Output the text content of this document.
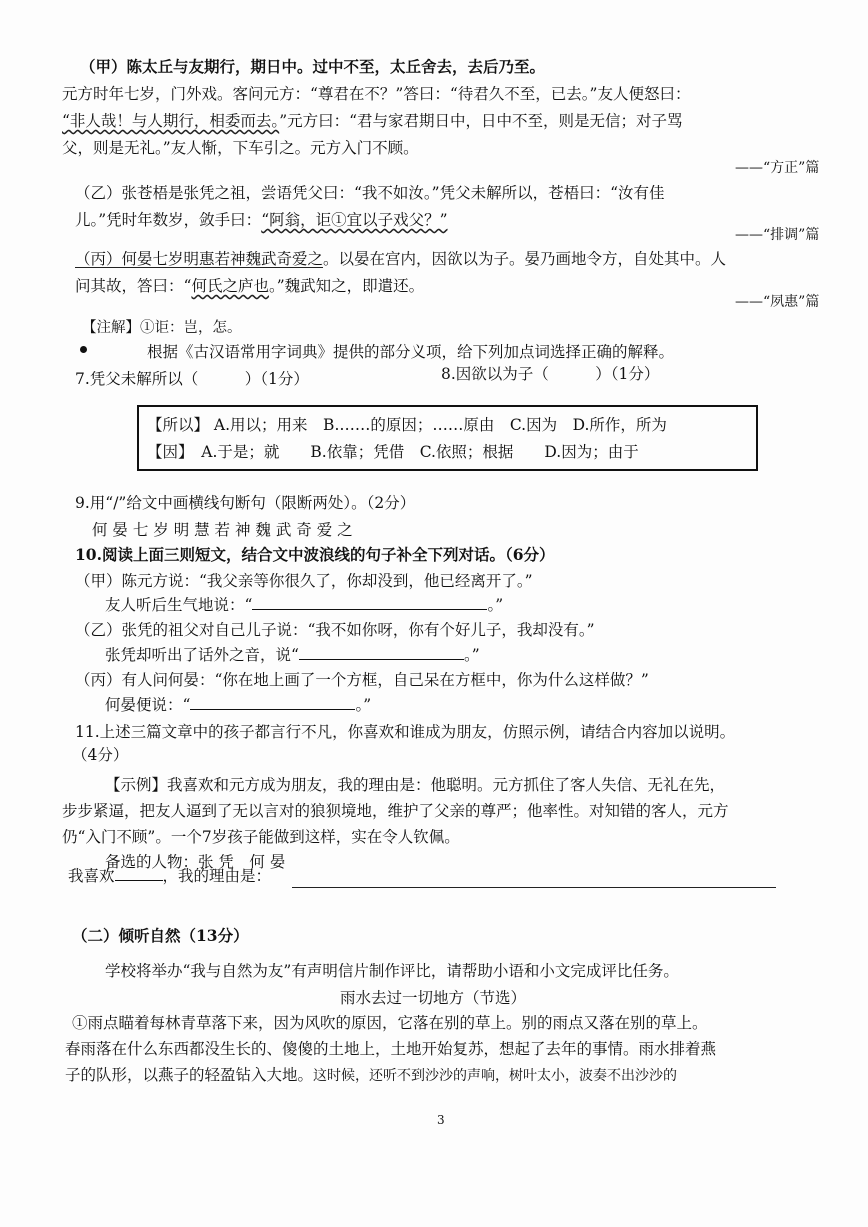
（甲）陈太丘与友期行，期日中。过中不至，太丘舍去，去后乃至。
元方时年七岁，门外戏。客问元方：“尊君在不？”答曰：“待君久不至，已去。”友人便怒曰：
“非人哉！与人期行，相委而去。”元方曰：“君与家君期日中，日中不至，则是无信；对子骂
父，则是无礼。”友人惭，下车引之。元方入门不顾。
——“方正”篇
（乙）张苍梧是张凭之祖，尝语凭父曰：“我不如汝。”凭父未解所以，苍梧曰：“汝有佳
儿。”凭时年数岁，敛手曰：“阿翁，讵①宜以子戏父？”
——“排调”篇
（丙）何晏七岁明惠若神魏武奇爱之。以晏在宫内，因欲以为子。晏乃画地令方，自处其中。人
问其故，答曰：“何氏之庐也。”魏武知之，即遣还。
——“夙惠”篇
【注解】①讵：岂，怎。
根据《古汉语常用字词典》提供的部分义项，给下列加点词选择正确的解释。
7.凭父未解所以（　　　）（1分）	8.因欲以为子（　　　）（1分）
【所以】 A.用以；用来　B.……的原因；……原由　C.因为　D.所作，所为
【因】　A.于是；就　　B.依靠；凭借　C.依照；根据　　D.因为；由于
9.用“/”给文中画横线句断句（限断两处）。（2分）
何 晏 七 岁 明 慧 若 神 魏 武 奇 爱 之
10.阅读上面三则短文，结合文中波浪线的句子补全下列对话。（6分）
（甲）陈元方说：“我父亲等你很久了，你却没到，他已经离开了。”
友人听后生气地说：“	。”
（乙）张凭的祖父对自己儿子说：“我不如你呀，你有个好儿子，我却没有。”
张凭却听出了话外之音，说“	。”
（丙）有人问何晏：“你在地上画了一个方框，自己呆在方框中，你为什么这样做？”
何晏便说：“	。”
11.上述三篇文章中的孩子都言行不凡，你喜欢和谁成为朋友，仿照示例，请结合内容加以说明。
（4分）
【示例】我喜欢和元方成为朋友，我的理由是：他聪明。元方抓住了客人失信、无礼在先，
步步紧逼，把友人逼到了无以言对的狼狈境地，维护了父亲的尊严；他率性。对知错的客人，元方
仍“入门不顾”。一个7岁孩子能做到这样，实在令人钦佩。
备选的人物：张 凭　何 晏
我喜欢	，我的理由是：
（二）倾听自然（13分）
学校将举办“我与自然为友”有声明信片制作评比，请帮助小语和小文完成评比任务。
雨水去过一切地方（节选）
①雨点瞄着每林青草落下来，因为风吹的原因，它落在别的草上。别的雨点又落在别的草上。
春雨落在什么东西都没生长的、傻傻的土地上，土地开始复苏，想起了去年的事情。雨水排着燕
子的队形，以燕子的轻盈钻入大地。这时候，还听不到沙沙的声响，树叶太小，波奏不出沙沙的
3
